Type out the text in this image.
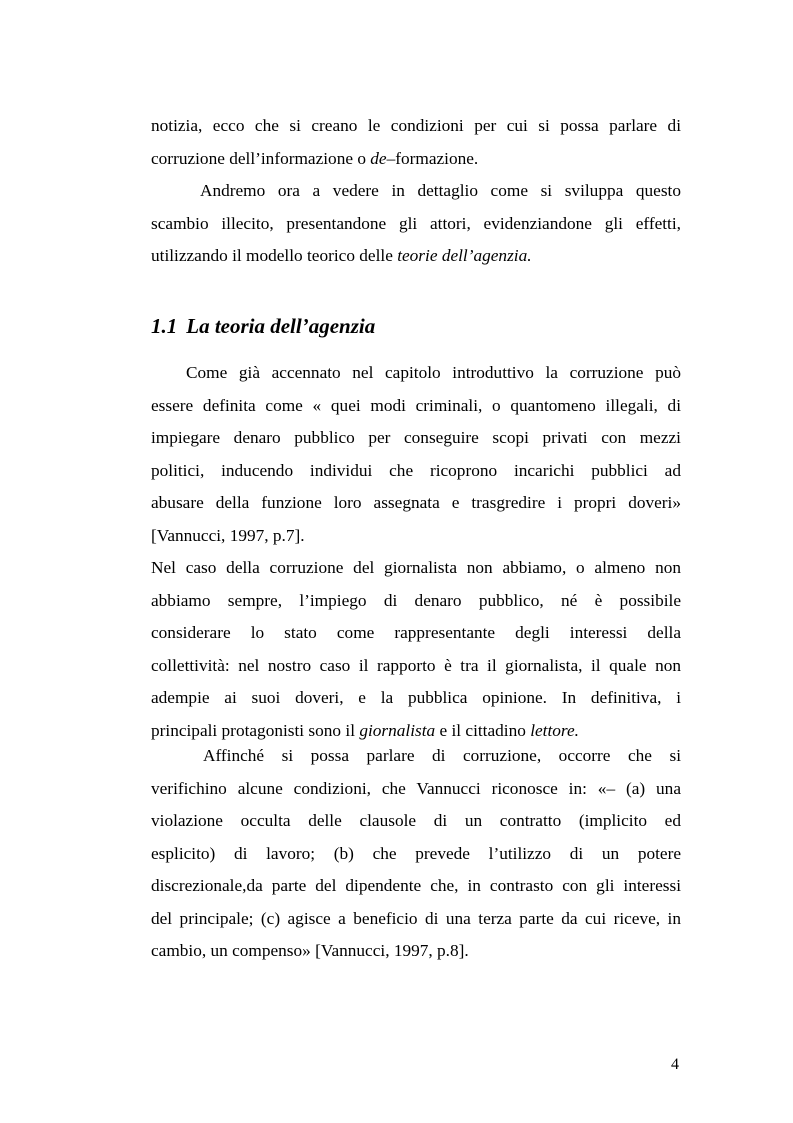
notizia, ecco che si creano le condizioni per cui si possa parlare di
corruzione dell’informazione o de–formazione.

Andremo ora a vedere in dettaglio come si sviluppa questo
scambio illecito, presentandone gli attori, evidenziandone gli effetti,
utilizzando il modello teorico delle teorie dell’agenzia.

1.1 La teoria dell’agenzia

Come già accennato nel capitolo introduttivo la corruzione può
essere definita come « quei modi criminali, o quantomeno illegali, di
impiegare denaro pubblico per conseguire scopi privati con mezzi
politici, inducendo individui che ricoprono incarichi pubblici ad
abusare della funzione loro assegnata e trasgredire i propri doveri»
[Vannucci, 1997, p.7].

Nel caso della corruzione del giornalista non abbiamo, o almeno non
abbiamo sempre, l’impiego di denaro pubblico, né è possibile
considerare lo stato come rappresentante degli interessi della
collettività: nel nostro caso il rapporto è tra il giornalista, il quale non
adempie ai suoi doveri, e la pubblica opinione. In definitiva, i
principali protagonisti sono il giornalista e il cittadino lettore.

Affinché si possa parlare di corruzione, occorre che si
verifichino alcune condizioni, che Vannucci riconosce in: «– (a) una
violazione occulta delle clausole di un contratto (implicito ed
esplicito) di lavoro; (b) che prevede l’utilizzo di un potere
discrezionale,da parte del dipendente che, in contrasto con gli interessi
del principale; (c) agisce a beneficio di una terza parte da cui riceve, in
cambio, un compenso» [Vannucci, 1997, p.8].

4
